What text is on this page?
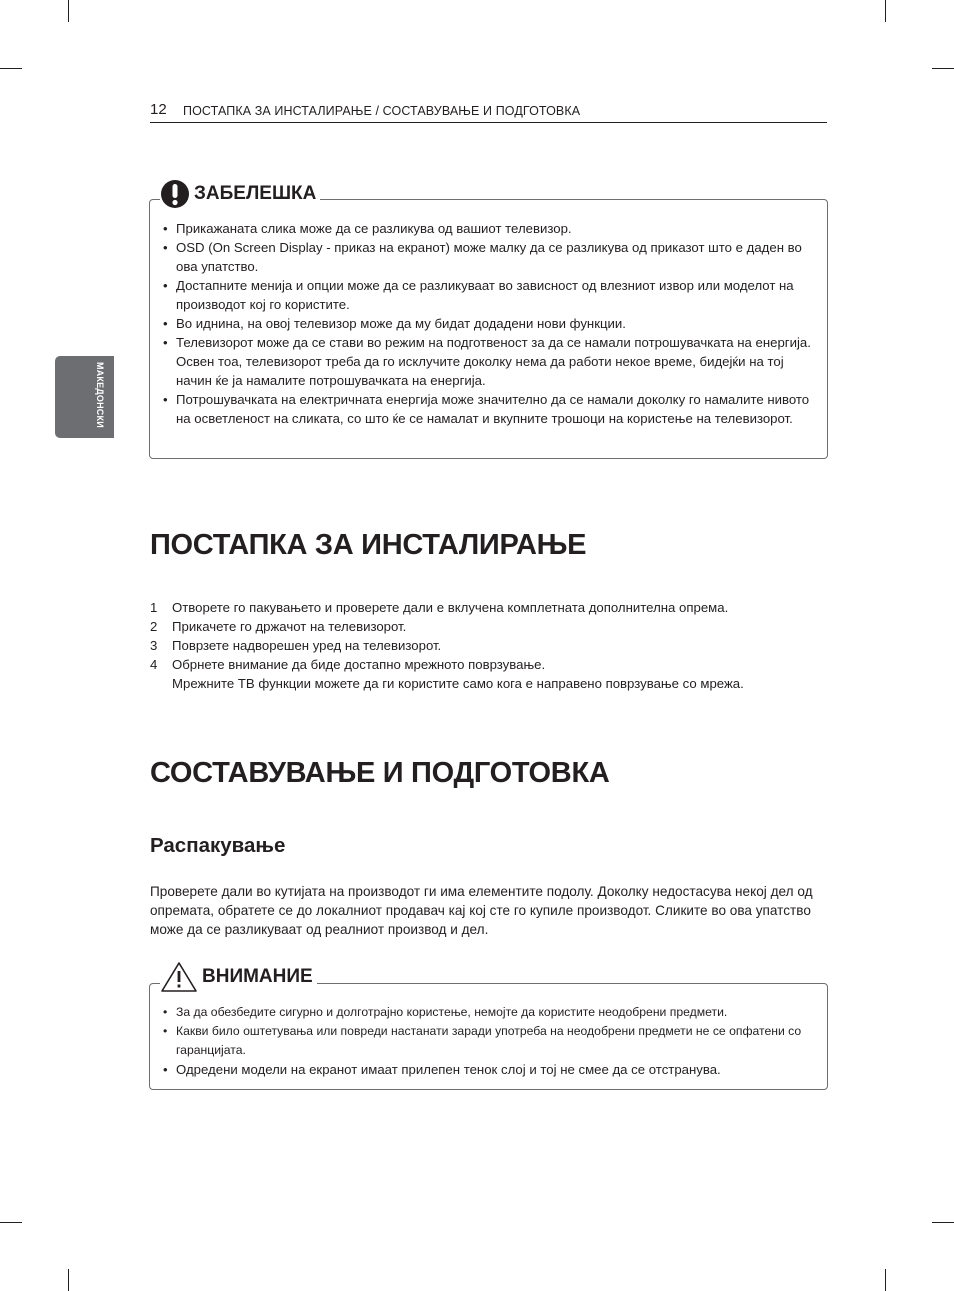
12 ПОСТАПКА ЗА ИНСТАЛИРАЊЕ / СОСТАВУВАЊЕ И ПОДГОТОВКА
МАКЕДОНСКИ
ЗАБЕЛЕШКА
• Прикажаната слика може да се разликува од вашиот телевизор.
• OSD (On Screen Display - приказ на екранот) може малку да се разликува од приказот што е даден во ова упатство.
• Достапните менија и опции може да се разликуваат во зависност од влезниот извор или моделот на производот кој го користите.
• Во иднина, на овој телевизор може да му бидат додадени нови функции.
• Телевизорот може да се стави во режим на подготвеност за да се намали потрошувачката на енергија. Освен тоа, телевизорот треба да го исклучите доколку нема да работи некое време, бидејќи на тој начин ќе ја намалите потрошувачката на енергија.
• Потрошувачката на електричната енергија може значително да се намали доколку го намалите нивото на осветленост на сликата, со што ќе се намалат и вкупните трошоци на користење на телевизорот.
ПОСТАПКА ЗА ИНСТАЛИРАЊЕ
1 Отворете го пакувањето и проверете дали е вклучена комплетната дополнителна опрема.
2 Прикачете го држачот на телевизорот.
3 Поврзете надворешен уред на телевизорот.
4 Обрнете внимание да биде достапно мрежното поврзување.
Мрежните ТВ функции можете да ги користите само кога е направено поврзување со мрежа.
СОСТАВУВАЊЕ И ПОДГОТОВКА
Распакување

Проверете дали во кутијата на производот ги има елементите подолу. Доколку недостасува некој дел од опремата, обратете се до локалниот продавач кај кој сте го купиле производот. Сликите во ова упатство може да се разликуваат од реалниот производ и дел.

ВНИМАНИЕ
• За да обезбедите сигурно и долготрајно користење, немојте да користите неодобрени предмети.
• Какви било оштетувања или повреди настанати заради употреба на неодобрени предмети не се опфатени со гаранцијата.
• Одредени модели на екранот имаат прилепен тенок слој и тој не смее да се отстранува.
